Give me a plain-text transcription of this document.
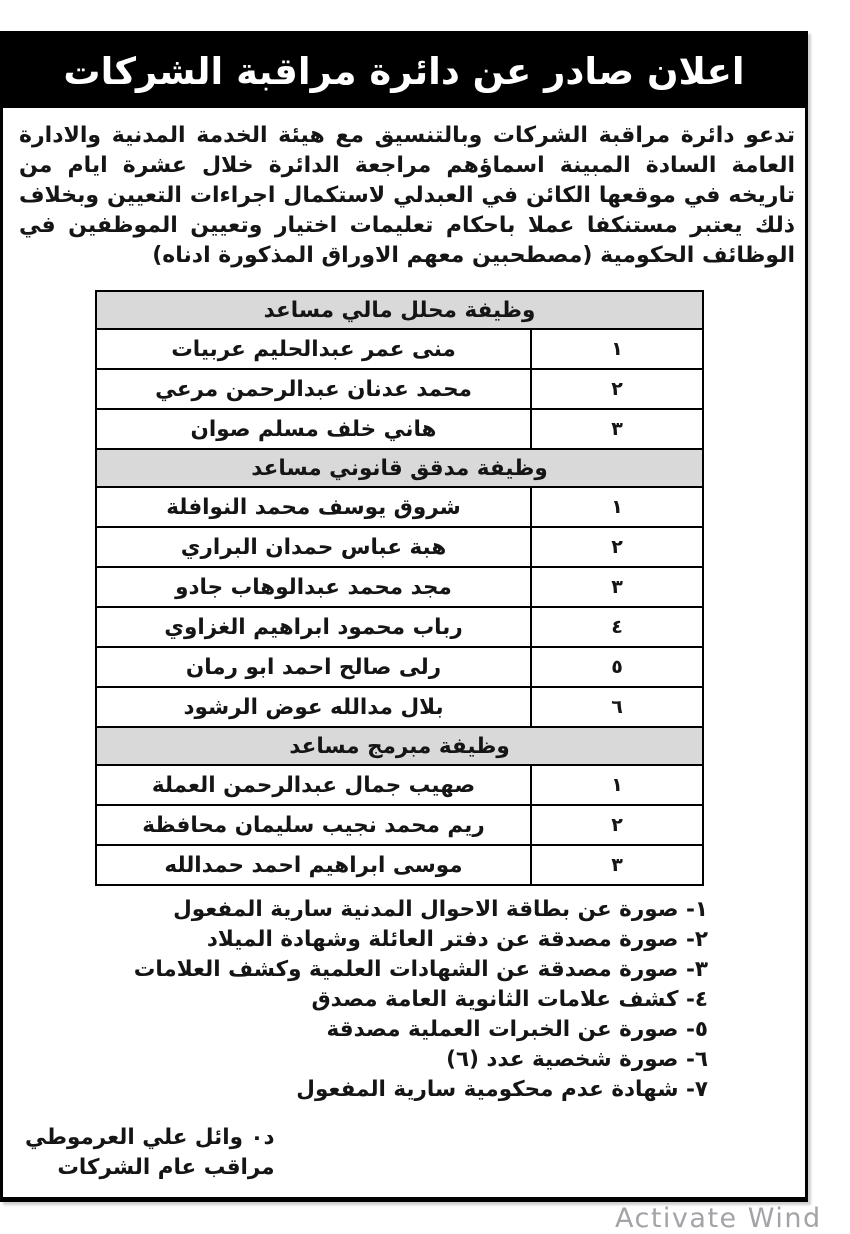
اعلان صادر عن دائرة مراقبة الشركات

تدعو دائرة مراقبة الشركات وبالتنسيق مع هيئة الخدمة المدنية والادارة العامة السادة المبينة اسماؤهم مراجعة الدائرة خلال عشرة ايام من تاريخه في موقعها الكائن في العبدلي لاستكمال اجراءات التعيين وبخلاف ذلك يعتبر مستنكفا عملا باحكام تعليمات اختيار وتعيين الموظفين في الوظائف الحكومية (مصطحبين معهم الاوراق المذكورة ادناه)

وظيفة محلل مالي مساعد	
١	منى عمر عبدالحليم عربيات
٢	محمد عدنان عبدالرحمن مرعي
٣	هاني خلف مسلم صوان
وظيفة مدقق قانوني مساعد	
١	شروق يوسف محمد النوافلة
٢	هبة عباس حمدان البراري
٣	مجد محمد عبدالوهاب جادو
٤	رباب محمود ابراهيم الغزاوي
٥	رلى صالح احمد ابو رمان
٦	بلال مدالله عوض الرشود
وظيفة مبرمج مساعد	
١	صهيب جمال عبدالرحمن العملة
٢	ريم محمد نجيب سليمان محافظة
٣	موسى ابراهيم احمد حمدالله
١- صورة عن بطاقة الاحوال المدنية سارية المفعول
٢- صورة مصدقة عن دفتر العائلة وشهادة الميلاد
٣- صورة مصدقة عن الشهادات العلمية وكشف العلامات
٤- كشف علامات الثانوية العامة مصدق
٥- صورة عن الخبرات العملية مصدقة
٦- صورة شخصية عدد (٦)
٧- شهادة عدم محكومية سارية المفعول
د٠ وائل علي العرموطي
مراقب عام الشركات
Activate Wind
